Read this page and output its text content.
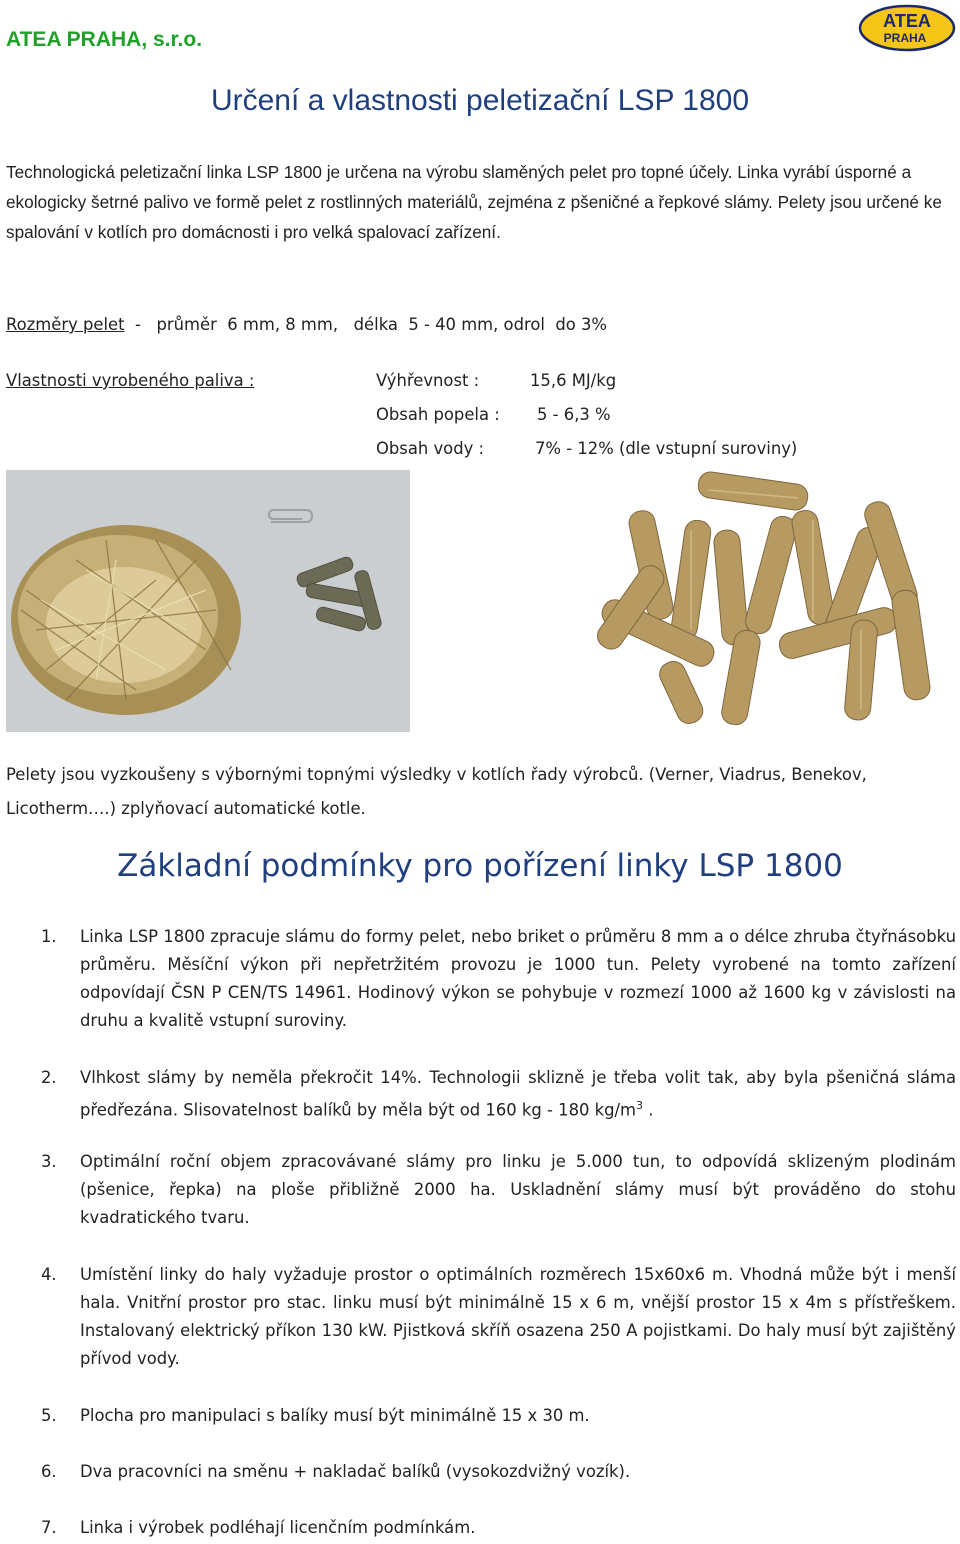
ATEA PRAHA, s.r.o.
ATEA
PRAHA
Určení a vlastnosti peletizační LSP 1800
Technologická peletizační linka LSP 1800 je určena na výrobu slaměných pelet pro topné účely. Linka vyrábí úsporné a ekologicky šetrné palivo ve formě pelet z rostlinných materiálů, zejména z pšeničné a řepkové slámy. Pelety jsou určené ke spalování v kotlích pro domácnosti i pro velká spalovací zařízení.
Rozměry pelet  -   průměr  6 mm, 8 mm,   délka  5 - 40 mm, odrol  do 3%
Vlastnosti vyrobeného paliva :	Výhřevnost :	15,6 MJ/kg
Obsah popela : 5 - 6,3 %
Obsah vody :	7% - 12% (dle vstupní suroviny)
Pelety jsou vyzkoušeny s výbornými topnými výsledky v kotlích řady výrobců. (Verner, Viadrus, Benekov, Licotherm….) zplyňovací automatické kotle.
Základní podmínky pro pořízení linky LSP 1800
1. Linka LSP 1800 zpracuje slámu do formy pelet, nebo briket o průměru 8 mm a o délce zhruba čtyřnásobku průměru. Měsíční výkon při nepřetržitém provozu je 1000 tun. Pelety vyrobené na tomto zařízení odpovídají ČSN P CEN/TS 14961. Hodinový výkon se pohybuje v rozmezí 1000 až 1600 kg v závislosti na druhu a kvalitě vstupní suroviny.
2. Vlhkost slámy by neměla překročit 14%. Technologii sklizně je třeba volit tak, aby byla pšeničná sláma předřezána. Slisovatelnost balíků by měla být od 160 kg - 180 $kg/m^3$ .
3. Optimální roční objem zpracovávané slámy pro linku je 5.000 tun, to odpovídá sklizeným plodinám (pšenice, řepka) na ploše přibližně 2000 ha. Uskladnění slámy musí být prováděno do stohu kvadratického tvaru.
4. Umístění linky do haly vyžaduje prostor o optimálních rozměrech 15x60x6 m. Vhodná může být i menší hala. Vnitřní prostor pro stac. linku musí být minimálně 15 x 6 m, vnější prostor 15 x 4m s přístřeškem. Instalovaný elektrický příkon 130 kW. Pjistková skříň osazena 250 A pojistkami. Do haly musí být zajištěný přívod vody.
5. Plocha pro manipulaci s balíky musí být minimálně 15 x 30 m.
6. Dva pracovníci na směnu + nakladač balíků (vysokozdvižný vozík).
7. Linka i výrobek podléhají licenčním podmínkám.
